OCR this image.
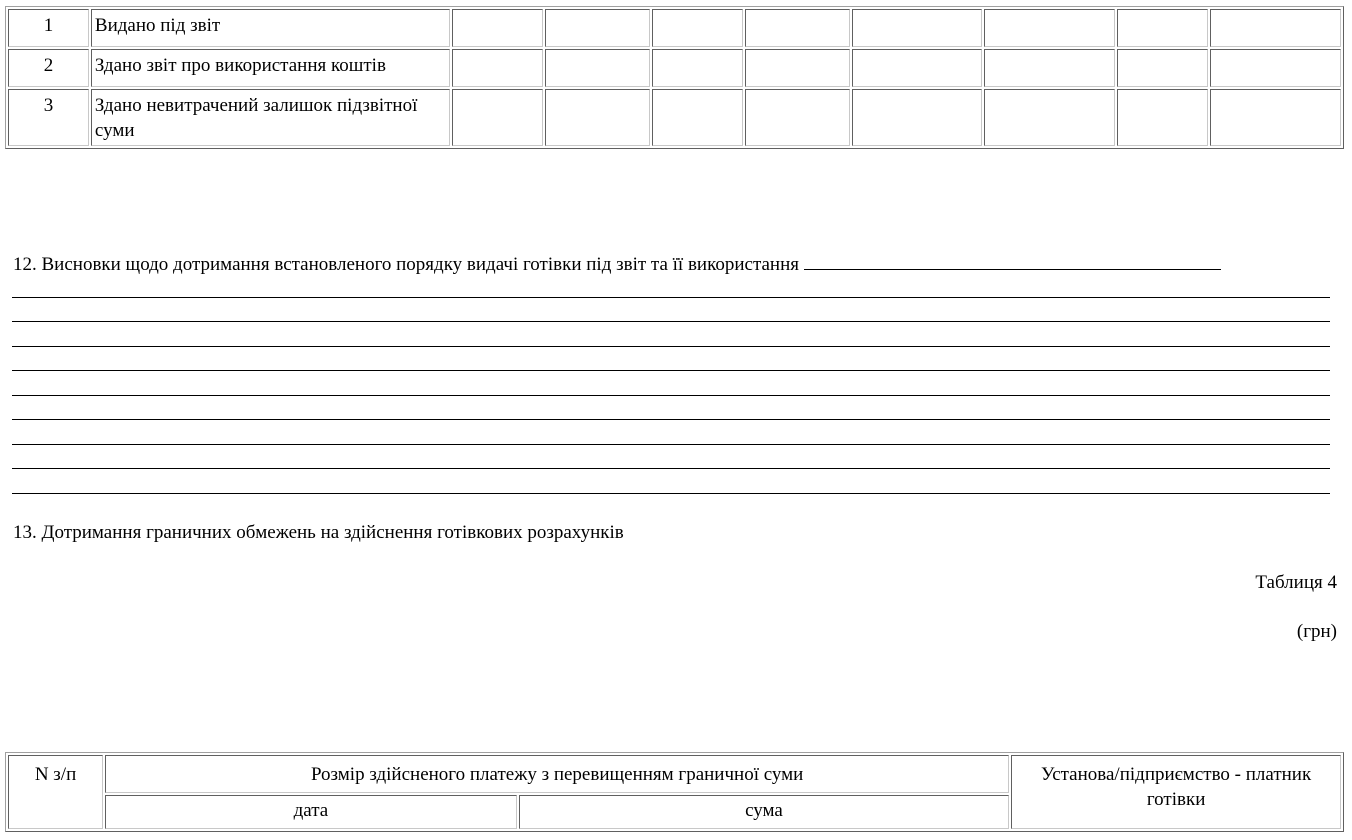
1	Видано під звіт								
2	Здано звіт про використання коштів								
3	Здано невитрачений залишок підзвітної суми								
12. Висновки щодо дотримання встановленого порядку видачі готівки під звіт та її використання
13. Дотримання граничних обмежень на здійснення готівкових розрахунків
Таблиця 4
(грн)
N з/п	Розмір здійсненого платежу з перевищенням граничної суми		Установа/підприємство - платник готівки
	дата	сума	
